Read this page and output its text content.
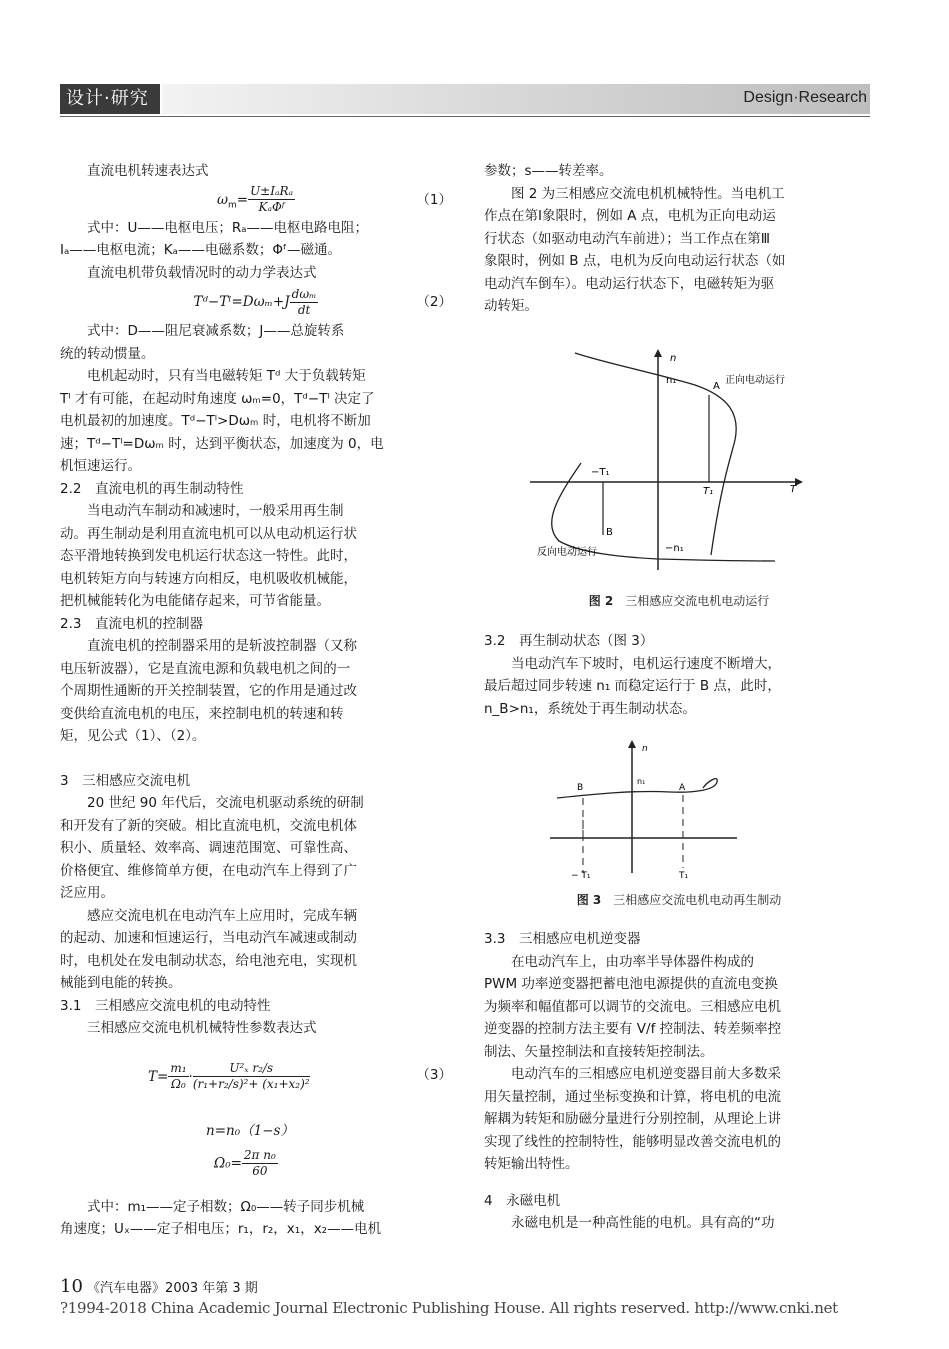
设计·研究	Design·Research

直流电机转速表达式

$\omega_m= \frac{\text{U±IₐRₐ}}{\text{KₐΦᶠ}}$	（1）

式中：U——电枢电压；Rₐ——电枢电路电阻；

Iₐ——电枢电流；Kₐ——电磁系数；Φᶠ—磁通。

直流电机带负载情况时的动力学表达式

Tᵈ−Tˡ=Dωₘ+J $\frac{\text{dωₘ}}{dt}$	（2）

式中：D——阻尼衰减系数；J——总旋转系

统的转动惯量。

电机起动时，只有当电磁转矩 Tᵈ 大于负载转矩

Tˡ 才有可能，在起动时角速度 ωₘ=0，Tᵈ−Tˡ 决定了

电机最初的加速度。Tᵈ−Tˡ>Dωₘ 时，电机将不断加

速；Tᵈ−Tˡ=Dωₘ 时，达到平衡状态，加速度为 0，电

机恒速运行。

2.2　直流电机的再生制动特性

当电动汽车制动和减速时，一般采用再生制

动。再生制动是利用直流电机可以从电动机运行状

态平滑地转换到发电机运行状态这一特性。此时，

电机转矩方向与转速方向相反，电机吸收机械能，

把机械能转化为电能储存起来，可节省能量。

2.3　直流电机的控制器

直流电机的控制器采用的是斩波控制器（又称

电压斩波器），它是直流电源和负载电机之间的一

个周期性通断的开关控制装置，它的作用是通过改

变供给直流电机的电压，来控制电机的转速和转

矩，见公式（1）、（2）。

3　三相感应交流电机

20 世纪 90 年代后，交流电机驱动系统的研制

和开发有了新的突破。相比直流电机，交流电机体

积小、质量轻、效率高、调速范围宽、可靠性高、

价格便宜、维修简单方便，在电动汽车上得到了广

泛应用。

感应交流电机在电动汽车上应用时，完成车辆

的起动、加速和恒速运行，当电动汽车减速或制动

时，电机处在发电制动状态，给电池充电，实现机

械能到电能的转换。

3.1　三相感应交流电机的电动特性

三相感应交流电机机械特性参数表达式

$T= \frac{\text{m₁}}{\text{Ω₀}} \cdot \frac{\text{U²ₓ r₂/s}}{\text{(r₁+r₂/s)²+ (x₁+x₂)²}}$	（3）
n=n₀（1−s）
$\Omega_0= \frac{\text{2π n₀}}{60}$

式中：m₁——定子相数；Ω₀——转子同步机械

角速度；Uₓ——定子相电压；r₁，r₂，x₁，x₂——电机

参数；s——转差率。

图 2 为三相感应交流电机机械特性。当电机工

作点在第Ⅰ象限时，例如 A 点，电机为正向电动运

行状态（如驱动电动汽车前进）；当工作点在第Ⅲ

象限时，例如 B 点，电机为反向电动运行状态（如

电动汽车倒车）。电动运行状态下，电磁转矩为驱

动转矩。

n
n₁
A
正向电动运行
T₁	T
−T₁
B
反向电动运行	−n₁
图 2　 三相感应交流电机电动运行

3.2　再生制动状态（图 3）

当电动汽车下坡时，电机运行速度不断增大，

最后超过同步转速 n₁ 而稳定运行于 B 点，此时，

n_B>n₁，系统处于再生制动状态。

n
n₁
B	A
− T₁	T₁
图 3　 三相感应交流电机电动再生制动

3.3　三相感应电机逆变器

在电动汽车上，由功率半导体器件构成的

PWM 功率逆变器把蓄电池电源提供的直流电变换

为频率和幅值都可以调节的交流电。三相感应电机

逆变器的控制方法主要有 V/f 控制法、转差频率控

制法、矢量控制法和直接转矩控制法。

电动汽车的三相感应电机逆变器目前大多数采

用矢量控制，通过坐标变换和计算，将电机的电流

解耦为转矩和励磁分量进行分别控制，从理论上讲

实现了线性的控制特性，能够明显改善交流电机的

转矩输出特性。

4　永磁电机

永磁电机是一种高性能的电机。具有高的“功

10 《汽车电器》2003 年第 3 期
?1994-2018 China Academic Journal Electronic Publishing House. All rights reserved. http://www.cnki.net
